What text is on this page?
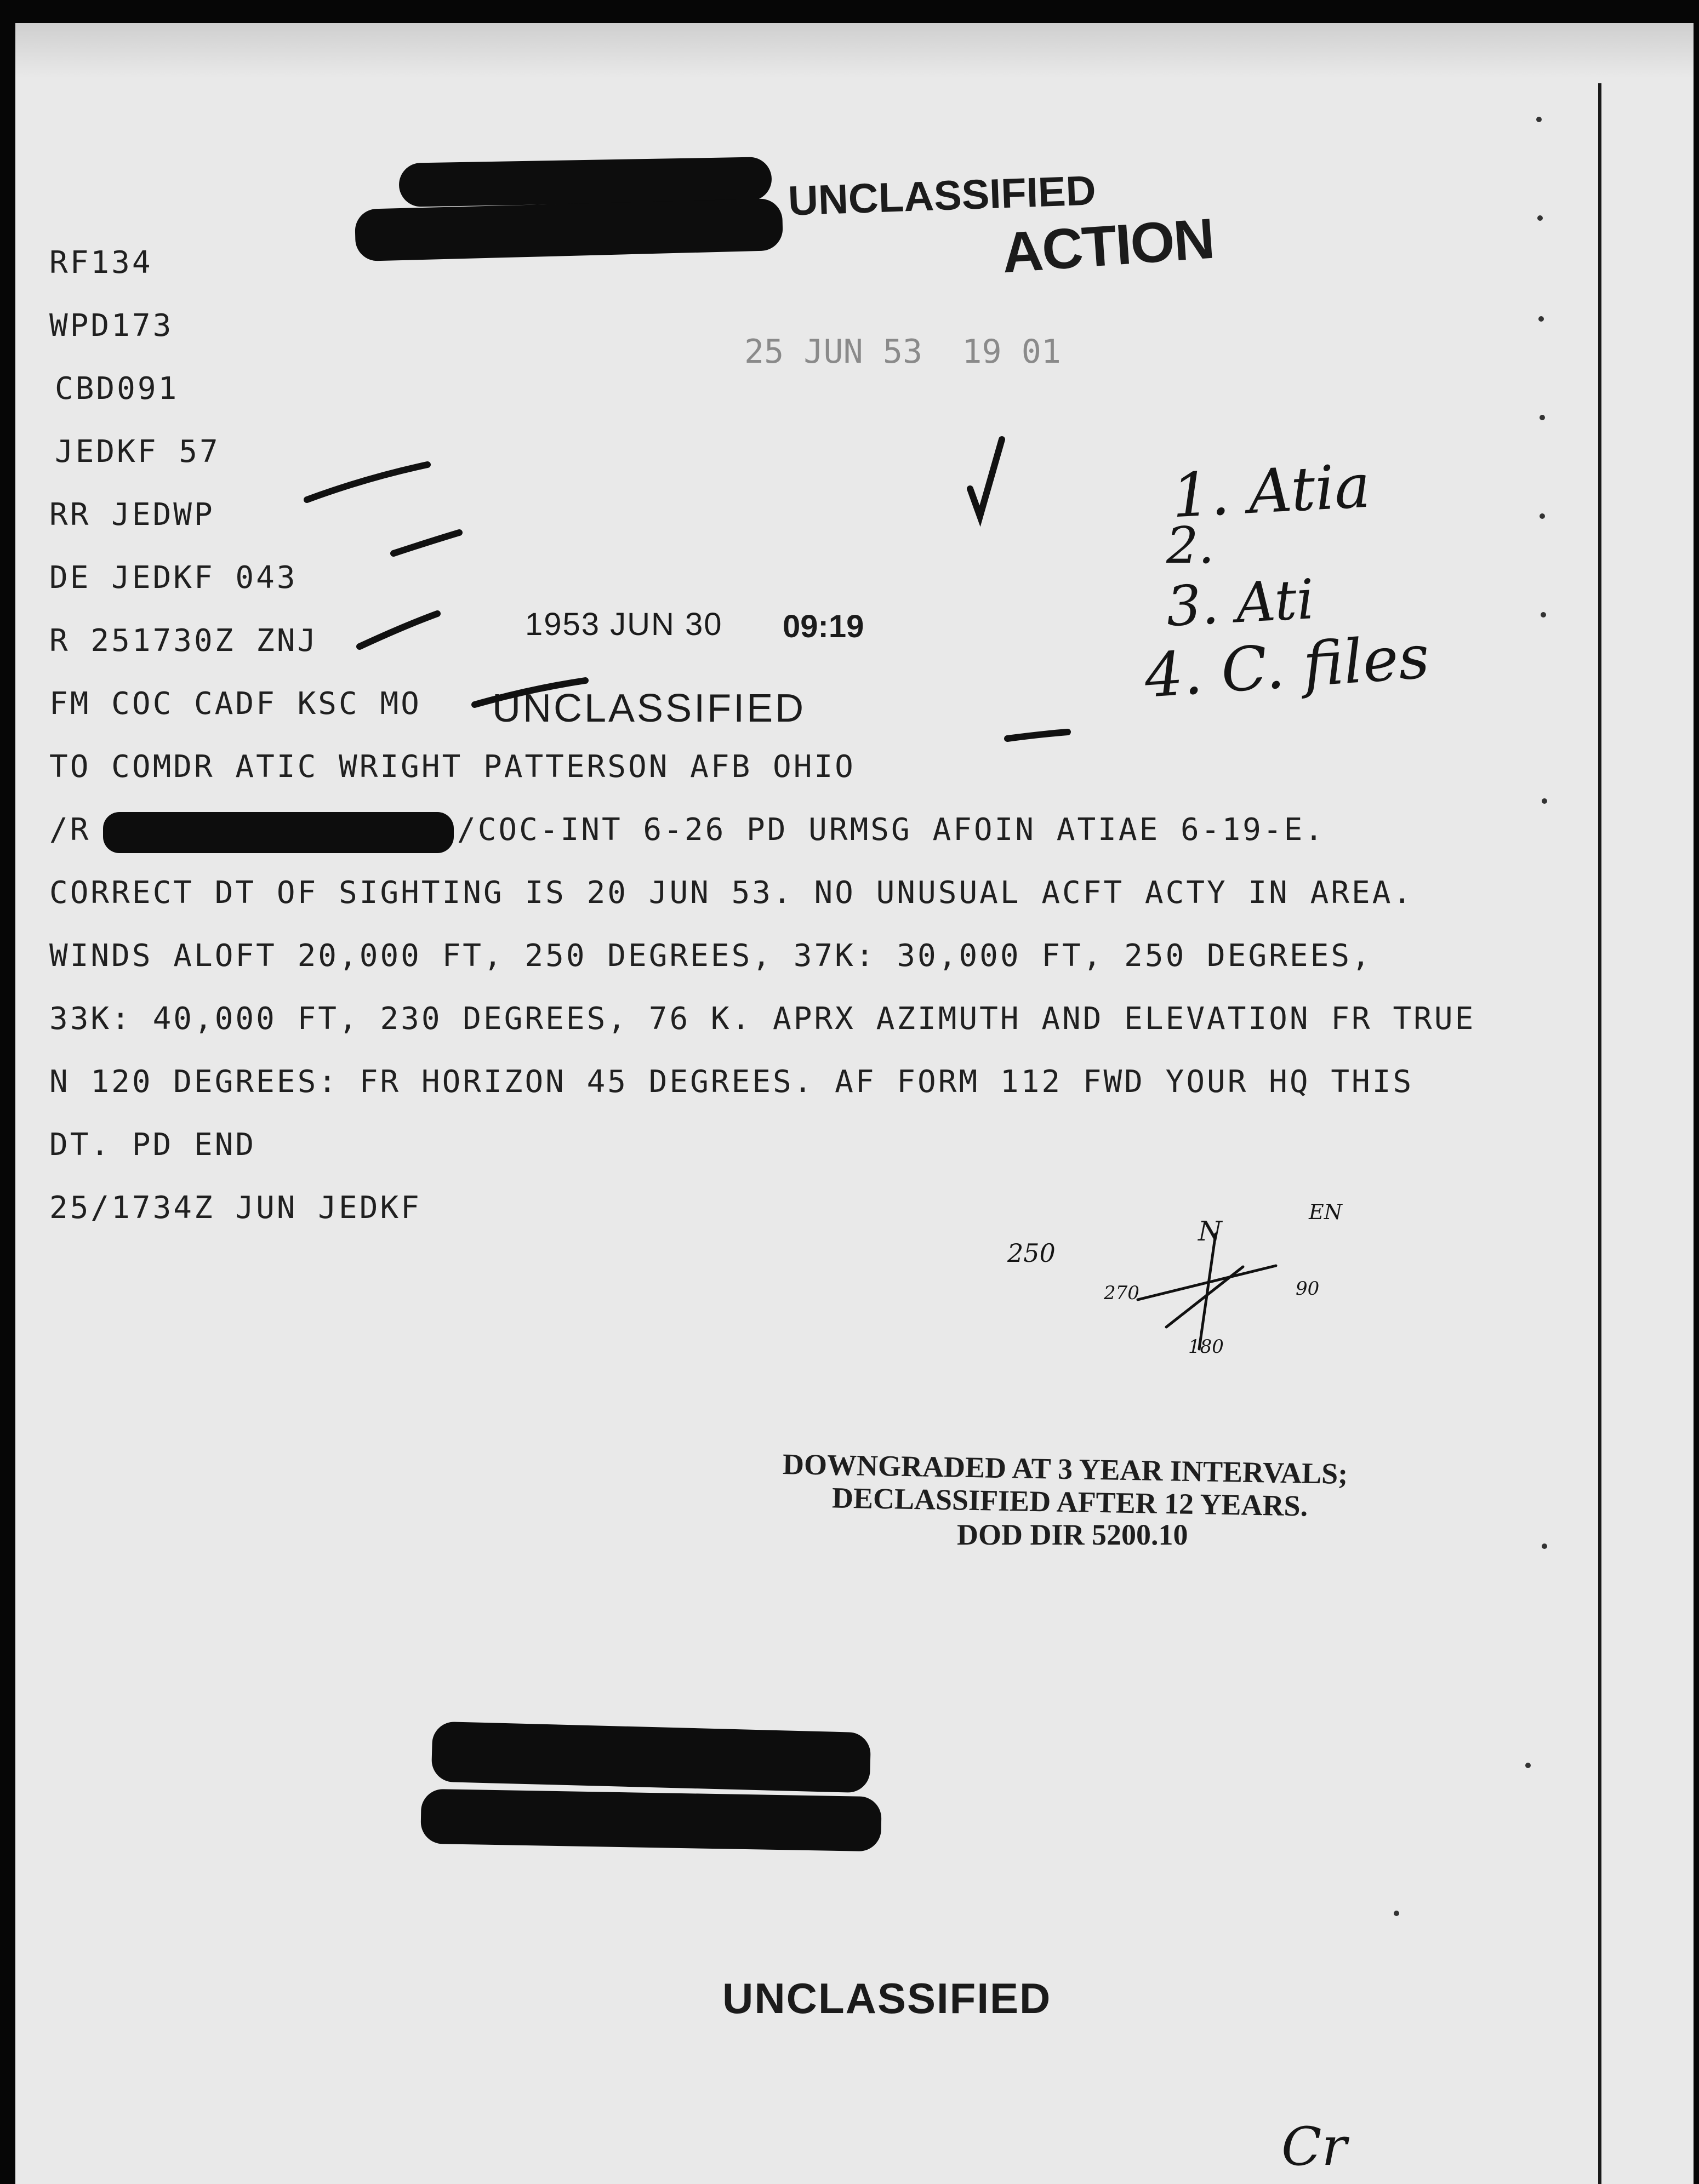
UNCLASSIFIED
ACTION
25 JUN 53  19 01
RF134
WPD173
CBD091
JEDKF 57
RR JEDWP
DE JEDKF 043
R 251730Z ZNJ	1953 JUN 30 09:19
FM COC CADF KSC MO UNCLASSIFIED
TO COMDR ATIC WRIGHT PATTERSON AFB OHIO
/R	/COC-INT 6-26 PD URMSG AFOIN ATIAE 6-19-E.
CORRECT DT OF SIGHTING IS 20 JUN 53. NO UNUSUAL ACFT ACTY IN AREA.
WINDS ALOFT 20,000 FT, 250 DEGREES, 37K: 30,000 FT, 250 DEGREES,
33K: 40,000 FT, 230 DEGREES, 76 K. APRX AZIMUTH AND ELEVATION FR TRUE
N 120 DEGREES: FR HORIZON 45 DEGREES. AF FORM 112 FWD YOUR HQ THIS
DT. PD END
25/1734Z JUN JEDKF
1. Atia
2.
3. Ati
4. C. files
250
N
EN
270	90
180
DOWNGRADED AT 3 YEAR INTERVALS;
DECLASSIFIED AFTER 12 YEARS.
DOD DIR 5200.10
UNCLASSIFIED
Cr
